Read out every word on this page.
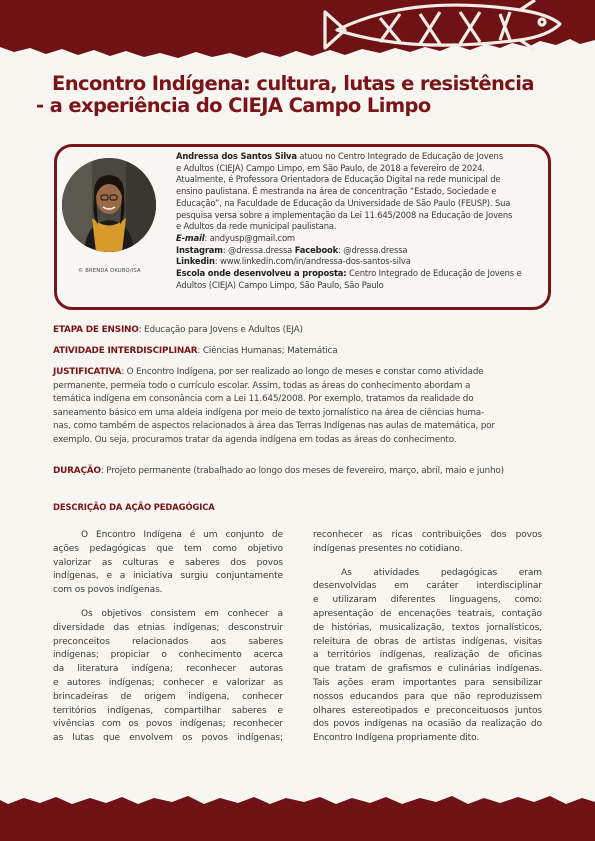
Encontro Indígena: cultura, lutas e resistência
- a experiência do CIEJA Campo Limpo
© BRENDA OKUBO/ISA
Andressa dos Santos Silva atuou no Centro Integrado de Educação de Jovens
e Adultos (CIEJA) Campo Limpo, em São Paulo, de 2018 a fevereiro de 2024.
Atualmente, é Professora Orientadora de Educação Digital na rede municipal de
ensino paulistana. É mestranda na área de concentração “Estado, Sociedade e
Educação”, na Faculdade de Educação da Universidade de São Paulo (FEUSP). Sua
pesquisa versa sobre a implementação da Lei 11.645/2008 na Educação de Jovens
e Adultos da rede municipal paulistana.
E-mail: andyusp@gmail.com
Instagram: @dressa.dressa Facebook: @dressa.dressa
Linkedin: www.linkedin.com/in/andressa-dos-santos-silva
Escola onde desenvolveu a proposta: Centro Integrado de Educação de Jovens e
Adultos (CIEJA) Campo Limpo, São Paulo, São Paulo
ETAPA DE ENSINO: Educação para Jovens e Adultos (EJA)
ATIVIDADE INTERDISCIPLINAR: Ciências Humanas; Matemática
JUSTIFICATIVA: O Encontro Indígena, por ser realizado ao longo de meses e constar como atividade
permanente, permeia todo o currículo escolar. Assim, todas as áreas do conhecimento abordam a
temática indígena em consonância com a Lei 11.645/2008. Por exemplo, tratamos da realidade do
saneamento básico em uma aldeia indígena por meio de texto jornalístico na área de ciências huma-
nas, como também de aspectos relacionados à área das Terras Indígenas nas aulas de matemática, por
exemplo. Ou seja, procuramos tratar da agenda indígena em todas as áreas do conhecimento.
DURAÇÃO: Projeto permanente (trabalhado ao longo dos meses de fevereiro, março, abril, maio e junho)
DESCRIÇÃO DA AÇÃO PEDAGÓGICA
O Encontro Indígena é um conjunto de
ações pedagógicas que tem como objetivo
valorizar as culturas e saberes dos povos
indígenas, e a iniciativa surgiu conjuntamente
com os povos indígenas.
Os objetivos consistem em conhecer a
diversidade das etnias indígenas; desconstruir
preconceitos relacionados aos saberes
indígenas; propiciar o conhecimento acerca
da literatura indígena; reconhecer autoras
e autores indígenas; conhecer e valorizar as
brincadeiras de origem indígena, conhecer
territórios indígenas, compartilhar saberes e
vivências com os povos indígenas; reconhecer
as lutas que envolvem os povos indígenas;
reconhecer as ricas contribuições dos povos
indígenas presentes no cotidiano.
As atividades pedagógicas eram
desenvolvidas em caráter interdisciplinar
e utilizaram diferentes linguagens, como:
apresentação de encenações teatrais, contação
de histórias, musicalização, textos jornalísticos,
releitura de obras de artistas indígenas, visitas
a territórios indígenas, realização de oficinas
que tratam de grafismos e culinárias indígenas.
Tais ações eram importantes para sensibilizar
nossos educandos para que não reproduzissem
olhares estereotipados e preconceituosos juntos
dos povos indígenas na ocasião da realização do
Encontro Indígena propriamente dito.
